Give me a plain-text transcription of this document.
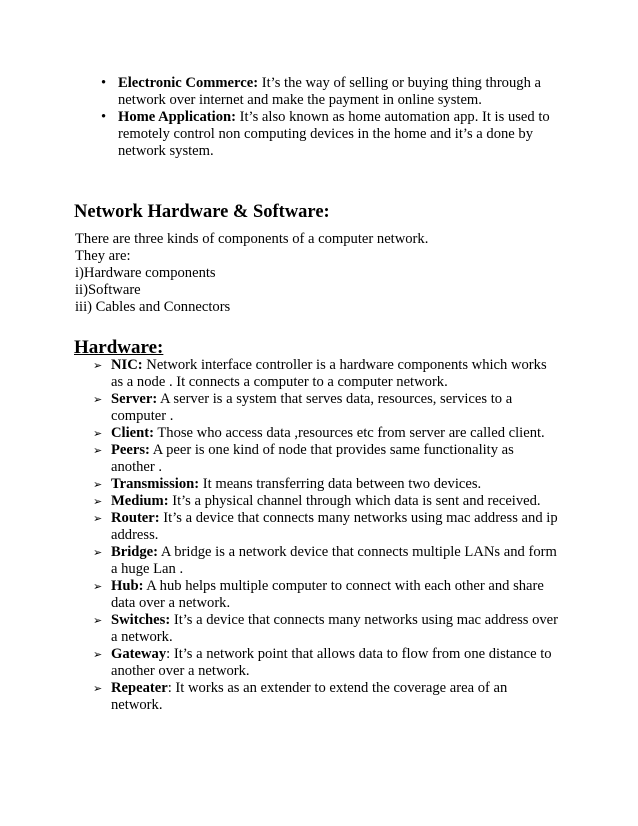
• Electronic Commerce: It’s the way of selling or buying thing through a network over internet and make the payment in online system.
• Home Application: It’s also known as home automation app. It is used to remotely control non computing devices in the home and it’s a done by network system.
Network Hardware & Software:
There are three kinds of components of a computer network.
They are:
i)Hardware components
ii)Software
iii) Cables and Connectors
Hardware:
➢ NIC: Network interface controller is a hardware components which works as a node . It connects a computer to a computer network.
➢ Server: A server is a system that serves data, resources, services to a computer .
➢ Client: Those who access data ,resources etc from server are called client.
➢ Peers: A peer is one kind of node that provides same functionality as another .
➢ Transmission: It means transferring data between two devices.
➢ Medium: It’s a physical channel through which data is sent and received.
➢ Router: It’s a device that connects many networks using mac address and ip address.
➢ Bridge: A bridge is a network device that connects multiple LANs and form a huge Lan .
➢ Hub: A hub helps multiple computer to connect with each other and share data over a network.
➢ Switches: It’s a device that connects many networks using mac address over a network.
➢ Gateway: It’s a network point that allows data to flow from one distance to another over a network.
➢ Repeater: It works as an extender to extend the coverage area of an network.
